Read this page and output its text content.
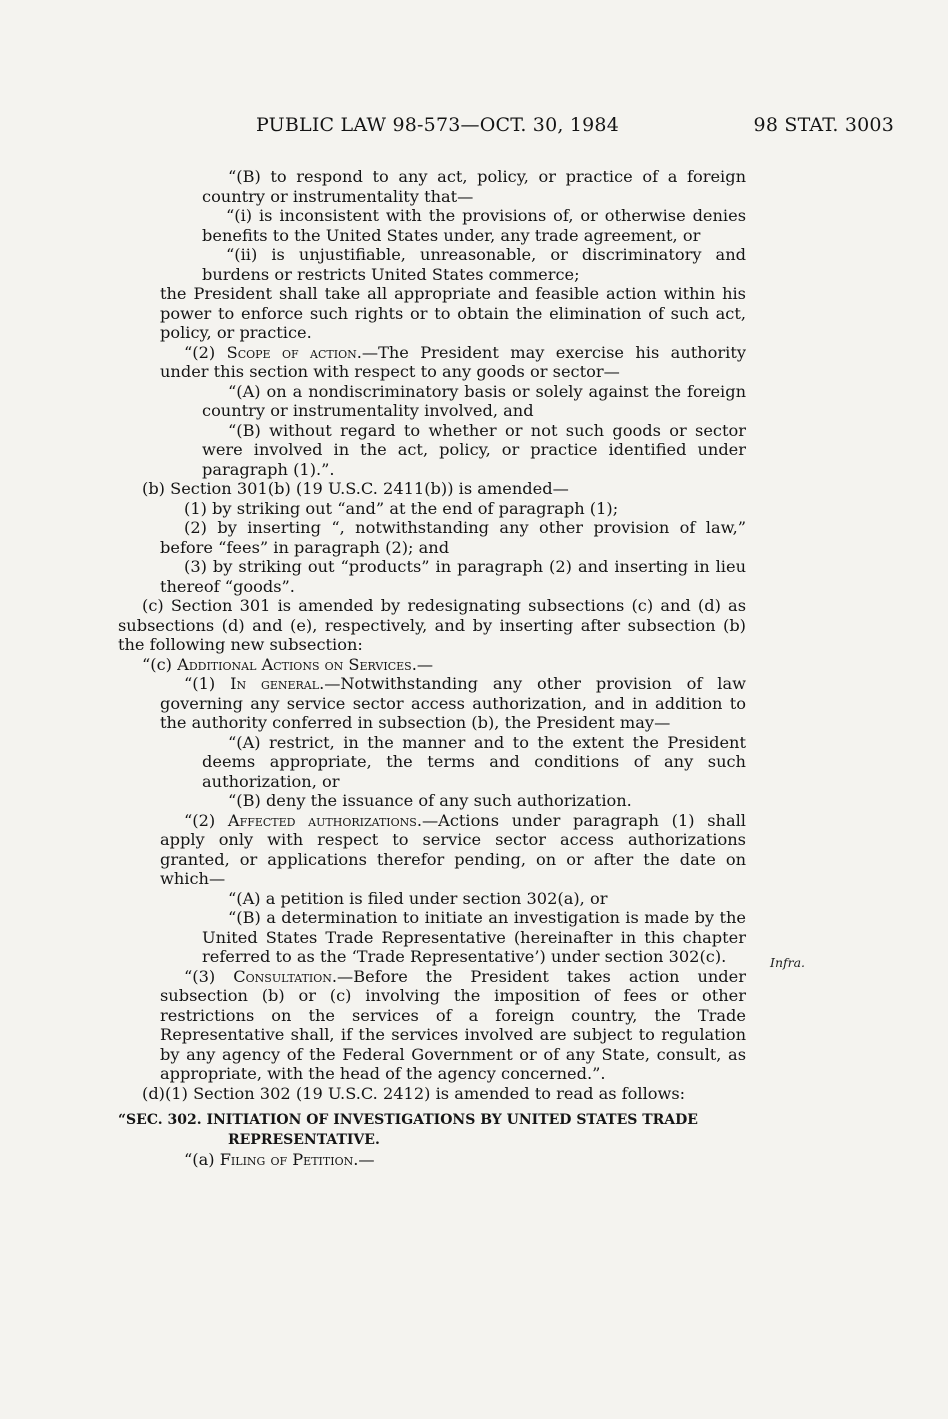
PUBLIC LAW 98-573—OCT. 30, 1984	98 STAT. 3003
Infra.

“(B) to respond to any act, policy, or practice of a foreign country or instrumentality that—

“(i) is inconsistent with the provisions of, or otherwise denies benefits to the United States under, any trade agreement, or

“(ii) is unjustifiable, unreasonable, or discriminatory and burdens or restricts United States commerce;

the President shall take all appropriate and feasible action within his power to enforce such rights or to obtain the elimination of such act, policy, or practice.

“(2) Scope of action.—The President may exercise his authority under this section with respect to any goods or sector—

“(A) on a nondiscriminatory basis or solely against the foreign country or instrumentality involved, and

“(B) without regard to whether or not such goods or sector were involved in the act, policy, or practice identified under paragraph (1).”.

(b) Section 301(b) (19 U.S.C. 2411(b)) is amended—

(1) by striking out “and” at the end of paragraph (1);

(2) by inserting “, notwithstanding any other provision of law,” before “fees” in paragraph (2); and

(3) by striking out “products” in paragraph (2) and inserting in lieu thereof “goods”.

(c) Section 301 is amended by redesignating subsections (c) and (d) as subsections (d) and (e), respectively, and by inserting after subsection (b) the following new subsection:

“(c) Additional Actions on Services.—

“(1) In general.—Notwithstanding any other provision of law governing any service sector access authorization, and in addition to the authority conferred in subsection (b), the President may—

“(A) restrict, in the manner and to the extent the President deems appropriate, the terms and conditions of any such authorization, or

“(B) deny the issuance of any such authorization.

“(2) Affected authorizations.—Actions under paragraph (1) shall apply only with respect to service sector access authorizations granted, or applications therefor pending, on or after the date on which—

“(A) a petition is filed under section 302(a), or

“(B) a determination to initiate an investigation is made by the United States Trade Representative (hereinafter in this chapter referred to as the ‘Trade Representative’) under section 302(c).

“(3) Consultation.—Before the President takes action under subsection (b) or (c) involving the imposition of fees or other restrictions on the services of a foreign country, the Trade Representative shall, if the services involved are subject to regulation by any agency of the Federal Government or of any State, consult, as appropriate, with the head of the agency concerned.”.

(d)(1) Section 302 (19 U.S.C. 2412) is amended to read as follows:

“SEC. 302. INITIATION OF INVESTIGATIONS BY UNITED STATES TRADE REPRESENTATIVE.

“(a) Filing of Petition.—
